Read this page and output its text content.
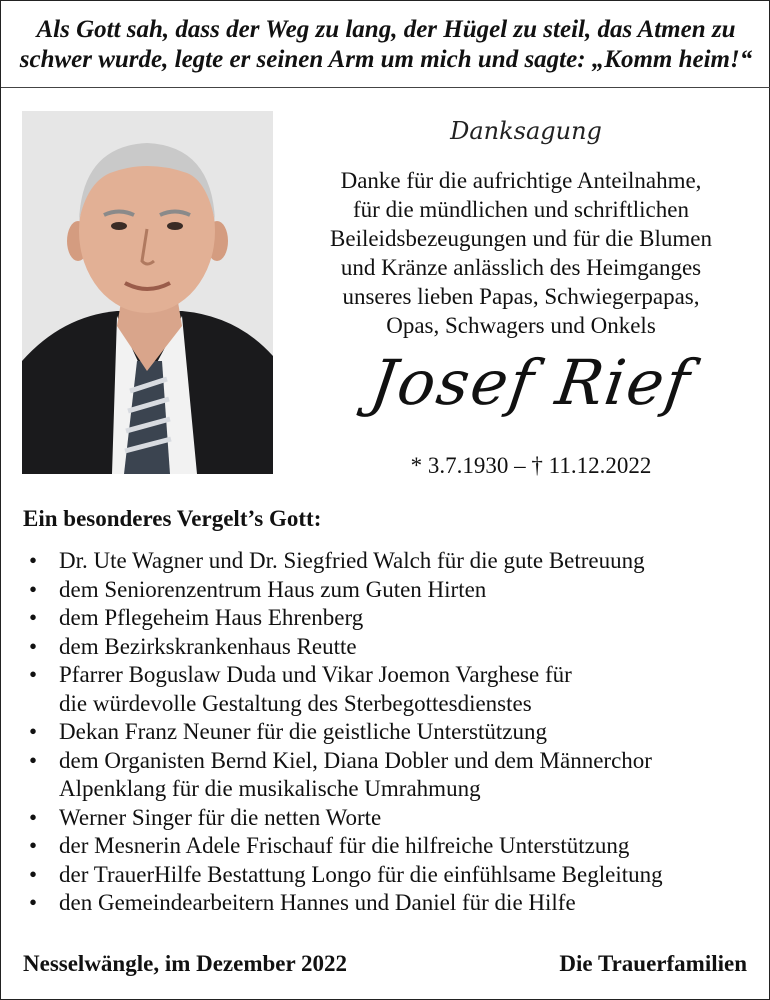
Als Gott sah, dass der Weg zu lang, der Hügel zu steil, das Atmen zu
schwer wurde, legte er seinen Arm um mich und sagte: „Komm heim!“
Danksagung
Danke für die aufrichtige Anteilnahme,
für die mündlichen und schriftlichen
Beileidsbezeugungen und für die Blumen
und Kränze anlässlich des Heimganges
unseres lieben Papas, Schwiegerpapas,
Opas, Schwagers und Onkels
Josef Rief
* 3.7.1930 – † 11.12.2022
Ein besonderes Vergelt’s Gott:
• Dr. Ute Wagner und Dr. Siegfried Walch für die gute Betreuung
• dem Seniorenzentrum Haus zum Guten Hirten
• dem Pflegeheim Haus Ehrenberg
• dem Bezirkskrankenhaus Reutte
• Pfarrer Boguslaw Duda und Vikar Joemon Varghese für
die würdevolle Gestaltung des Sterbegottesdienstes
• Dekan Franz Neuner für die geistliche Unterstützung
• dem Organisten Bernd Kiel, Diana Dobler und dem Männerchor
Alpenklang für die musikalische Umrahmung
• Werner Singer für die netten Worte
• der Mesnerin Adele Frischauf für die hilfreiche Unterstützung
• der TrauerHilfe Bestattung Longo für die einfühlsame Begleitung
• den Gemeindearbeitern Hannes und Daniel für die Hilfe
Nesselwängle, im Dezember 2022	Die Trauerfamilien
